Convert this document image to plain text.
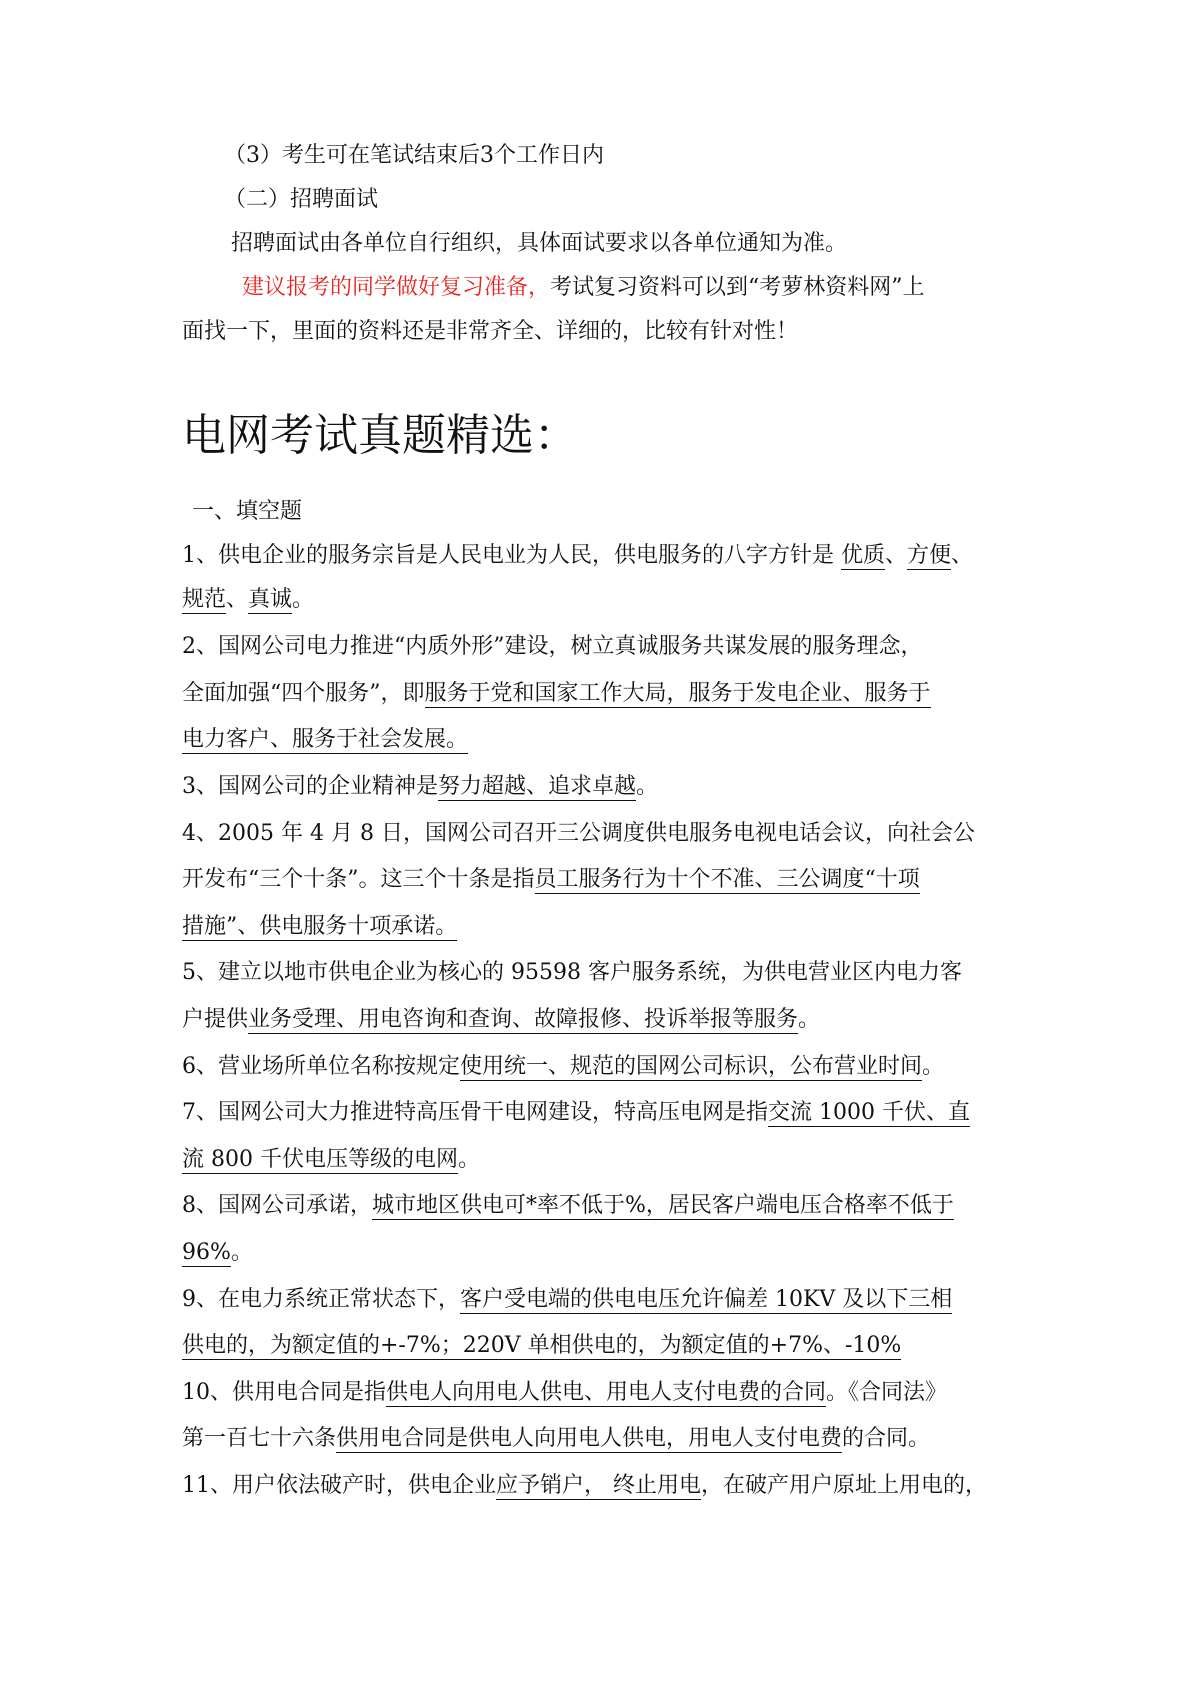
（3）考生可在笔试结束后3个工作日内
（二）招聘面试
招聘面试由各单位自行组织，具体面试要求以各单位通知为准。
建议报考的同学做好复习准备，考试复习资料可以到“考萝林资料网”上
面找一下，里面的资料还是非常齐全、详细的，比较有针对性！
电网考试真题精选：
一、填空题
1、供电企业的服务宗旨是人民电业为人民，供电服务的八字方针是 优质、方便、
规范、真诚。
2、国网公司电力推进“内质外形”建设，树立真诚服务共谋发展的服务理念，
全面加强“四个服务”，即服务于党和国家工作大局，服务于发电企业、服务于
电力客户、服务于社会发展。
3、国网公司的企业精神是努力超越、追求卓越。
4、2005 年 4 月 8 日，国网公司召开三公调度供电服务电视电话会议，向社会公
开发布“三个十条”。这三个十条是指员工服务行为十个不准、三公调度“十项
措施”、供电服务十项承诺。
5、建立以地市供电企业为核心的 95598 客户服务系统，为供电营业区内电力客
户提供业务受理、用电咨询和查询、故障报修、投诉举报等服务。
6、营业场所单位名称按规定使用统一、规范的国网公司标识，公布营业时间。
7、国网公司大力推进特高压骨干电网建设，特高压电网是指交流 1000 千伏、直
流 800 千伏电压等级的电网。
8、国网公司承诺，城市地区供电可*率不低于%，居民客户端电压合格率不低于
96%。
9、在电力系统正常状态下，客户受电端的供电电压允许偏差 10KV 及以下三相
供电的，为额定值的+-7%；220V 单相供电的，为额定值的+7%、-10%
10、供用电合同是指供电人向用电人供电、用电人支付电费的合同。《合同法》
第一百七十六条供用电合同是供电人向用电人供电，用电人支付电费的合同。
11、用户依法破产时，供电企业应予销户， 终止用电，在破产用户原址上用电的，
